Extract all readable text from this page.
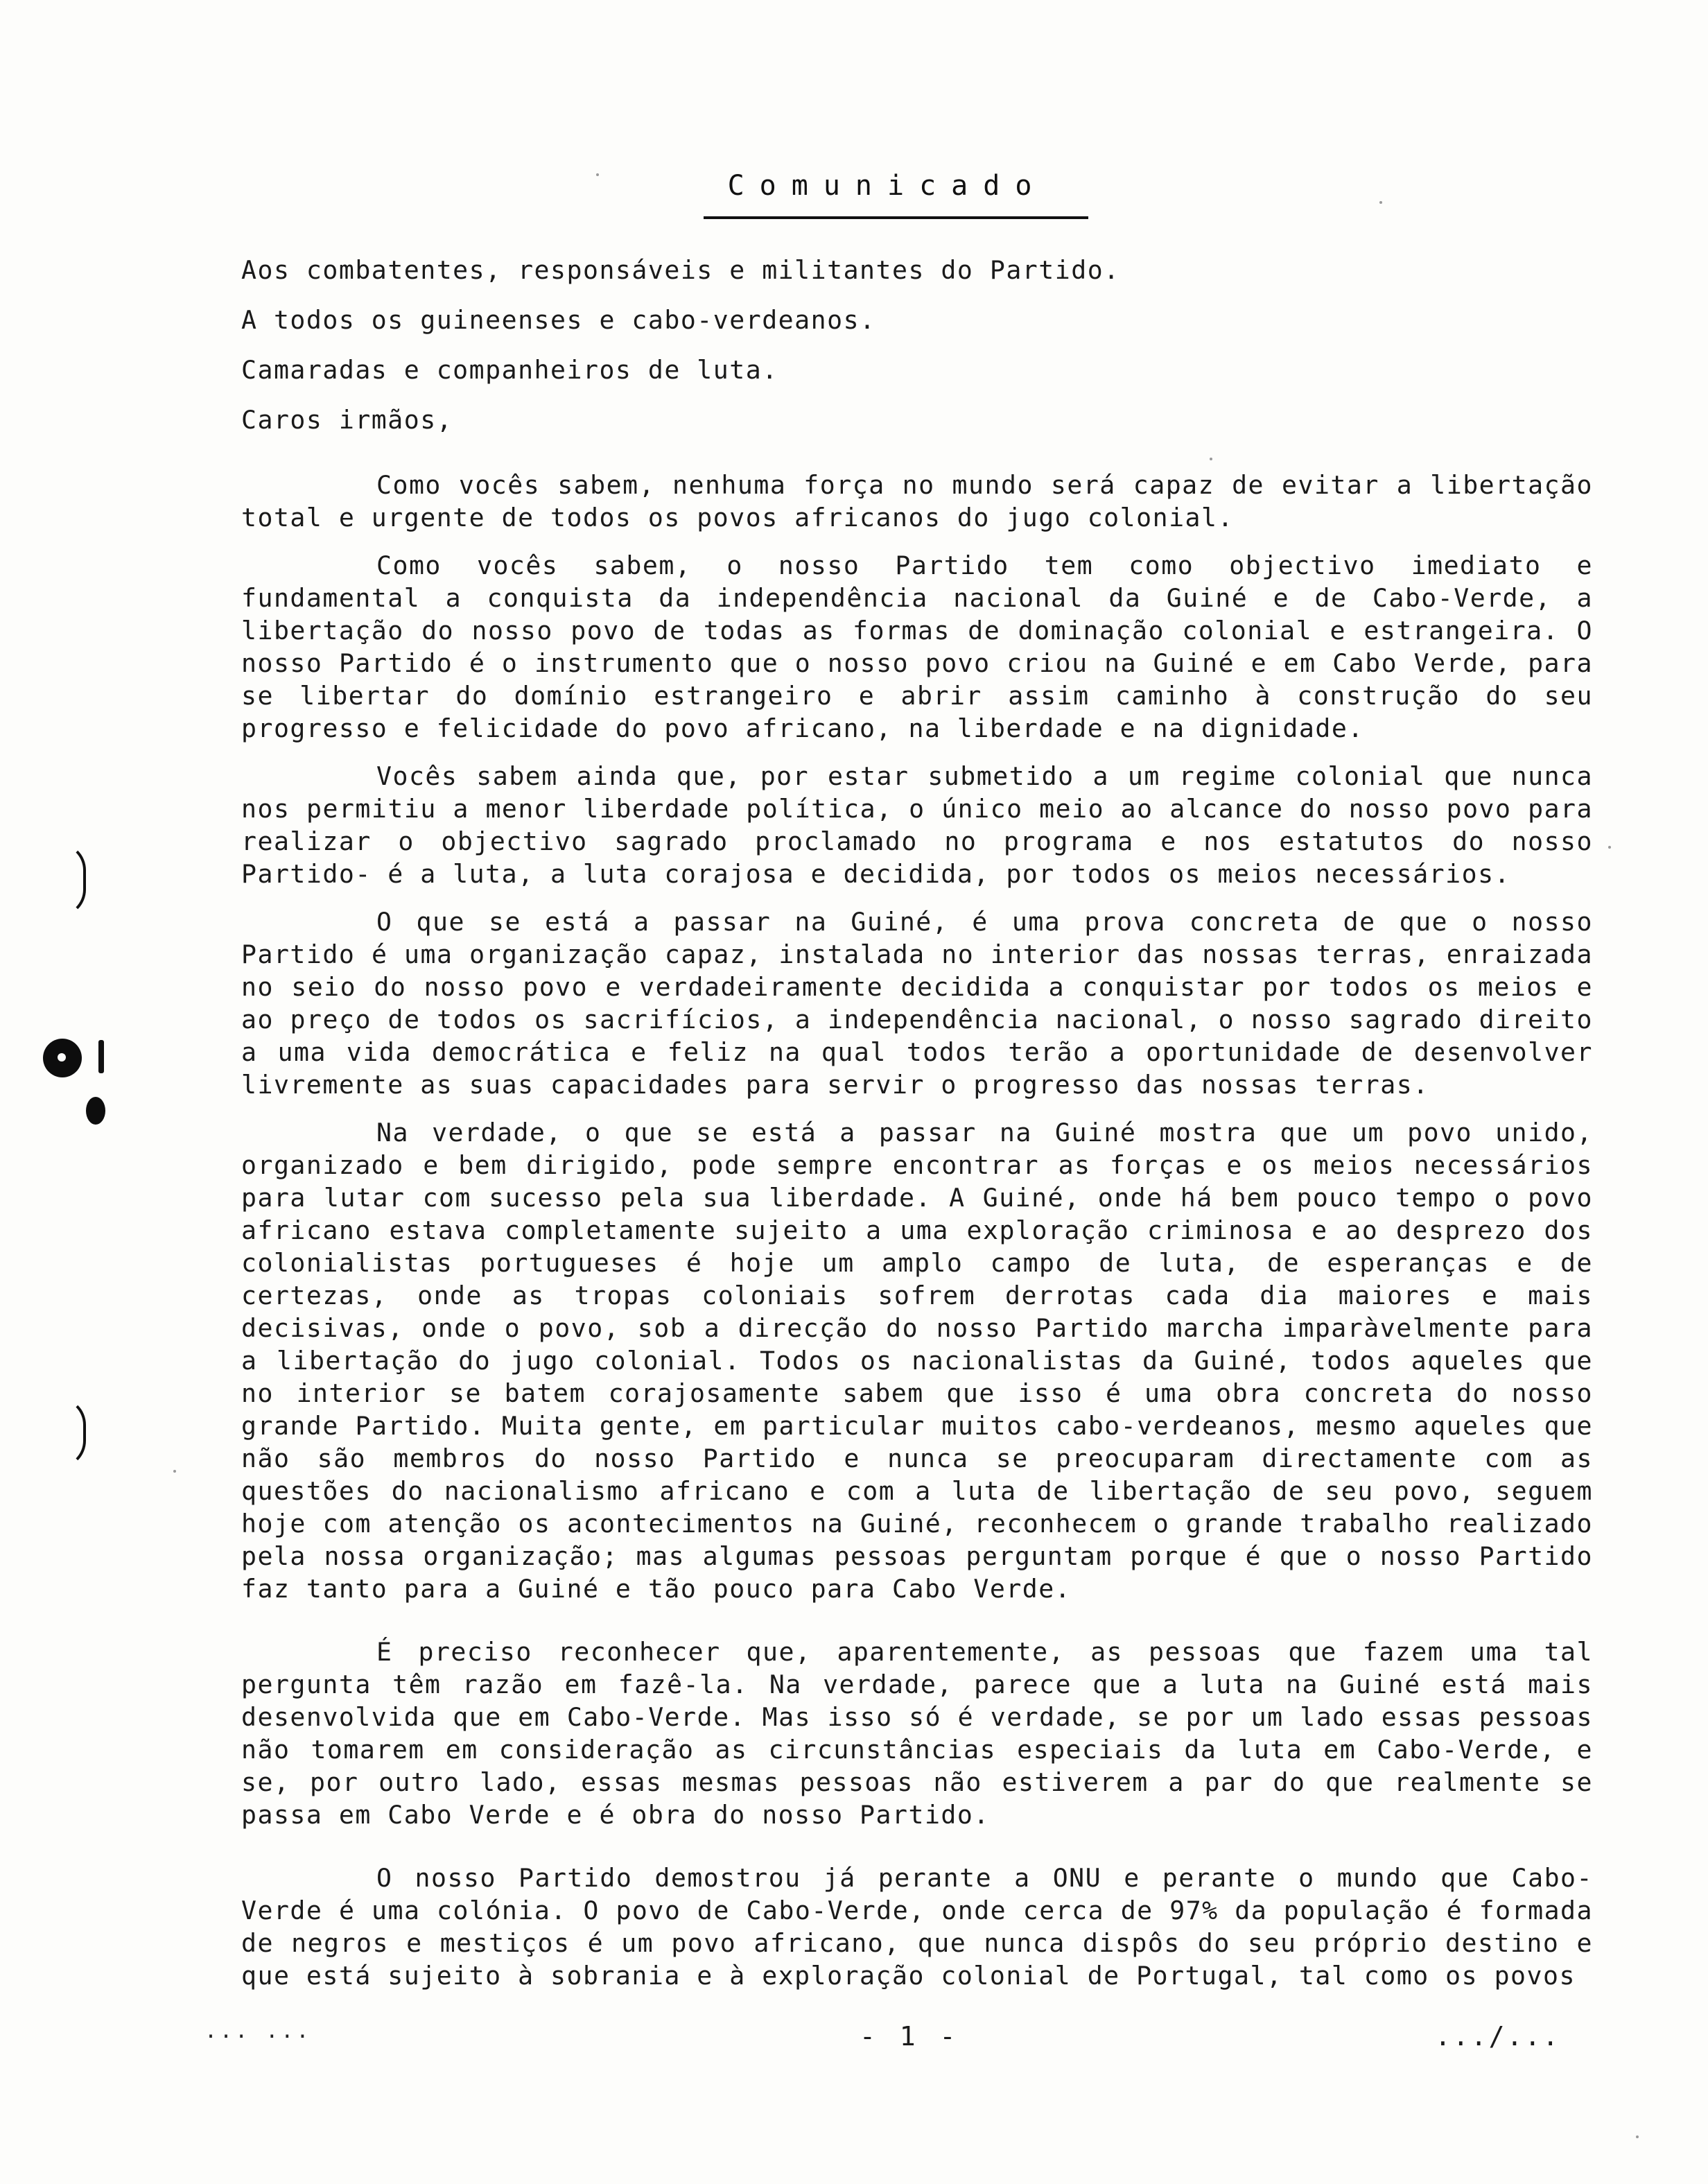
Comunicado
Aos combatentes, responsáveis e militantes do Partido.
A todos os guineenses e cabo-verdeanos.
Camaradas e companheiros de luta.
Caros irmãos,

Como vocês sabem, nenhuma força no mundo será capaz de evitar a libertação total e urgente de todos os povos africanos do jugo colonial.

Como vocês sabem, o nosso Partido tem como objectivo imediato e fundamental a conquista da independência nacional da Guiné e de Cabo-Verde, a libertação do nosso povo de todas as formas de dominação colonial e estrangeira. O nosso Partido é o instrumento que o nosso povo criou na Guiné e em Cabo Verde, para se libertar do domínio estrangeiro e abrir assim caminho à construção do seu progresso e felicidade do povo africano, na liberdade e na dignidade.

Vocês sabem ainda que, por estar submetido a um regime colonial que nunca nos permitiu a menor liberdade política, o único meio ao alcance do nosso povo para realizar o objectivo sagrado proclamado no programa e nos estatutos do nosso Partido- é a luta, a luta corajosa e decidida, por todos os meios necessários.

O que se está a passar na Guiné, é uma prova concreta de que o nosso Partido é uma organização capaz, instalada no interior das nossas terras, enraizada no seio do nosso povo e verdadeiramente decidida a conquistar por todos os meios e ao preço de todos os sacrifícios, a independência nacional, o nosso sagrado direito a uma vida democrática e feliz na qual todos terão a oportunidade de desenvolver livremente as suas capacidades para servir o progresso das nossas terras.

Na verdade, o que se está a passar na Guiné mostra que um povo unido, organizado e bem dirigido, pode sempre encontrar as forças e os meios necessários para lutar com sucesso pela sua liberdade. A Guiné, onde há bem pouco tempo o povo africano estava completamente sujeito a uma exploração criminosa e ao desprezo dos colonialistas portugueses é hoje um amplo campo de luta, de esperanças e de certezas, onde as tropas coloniais sofrem derrotas cada dia maiores e mais decisivas, onde o povo, sob a direcção do nosso Partido marcha imparàvelmente para a libertação do jugo colonial. Todos os nacionalistas da Guiné, todos aqueles que no interior se batem corajosamente sabem que isso é uma obra concreta do nosso grande Partido. Muita gente, em particular muitos cabo-verdeanos, mesmo aqueles que não são membros do nosso Partido e nunca se preocuparam directamente com as questões do nacionalismo africano e com a luta de libertação de seu povo, seguem hoje com atenção os acontecimentos na Guiné, reconhecem o grande trabalho realizado pela nossa organização; mas algumas pessoas perguntam porque é que o nosso Partido faz tanto para a Guiné e tão pouco para Cabo Verde.

É preciso reconhecer que, aparentemente, as pessoas que fazem uma tal pergunta têm razão em fazê-la. Na verdade, parece que a luta na Guiné está mais desenvolvida que em Cabo-Verde. Mas isso só é verdade, se por um lado essas pessoas não tomarem em consideração as circunstâncias especiais da luta em Cabo-Verde, e se, por outro lado, essas mesmas pessoas não estiverem a par do que realmente se passa em Cabo Verde e é obra do nosso Partido.

O nosso Partido demostrou já perante a ONU e perante o mundo que Cabo-Verde é uma colónia. O povo de Cabo-Verde, onde cerca de 97% da população é formada de negros e mestiços é um povo africano, que nunca dispôs do seu próprio destino e que está sujeito à sobrania e à exploração colonial de Portugal, tal como os povos

... ...	- 1 -	.../...
